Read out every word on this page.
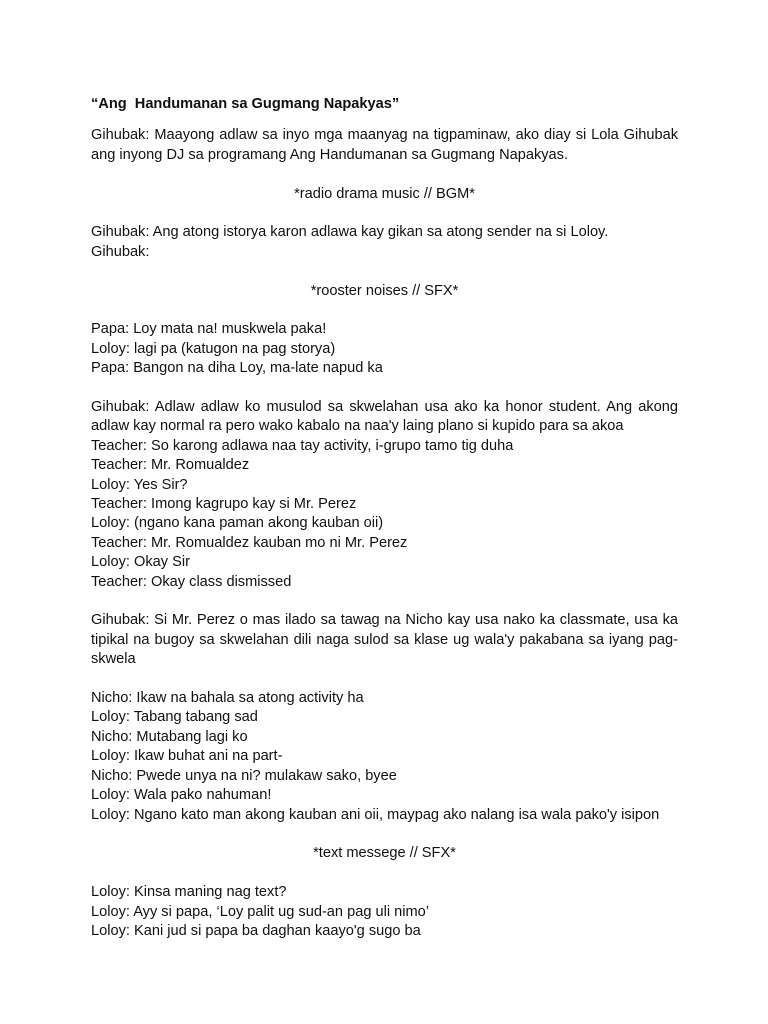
“Ang  Handumanan sa Gugmang Napakyas”
Gihubak: Maayong adlaw sa inyo mga maanyag na tigpaminaw, ako diay si Lola Gihubak ang inyong DJ sa programang Ang Handumanan sa Gugmang Napakyas.
*radio drama music // BGM*
Gihubak: Ang atong istorya karon adlawa kay gikan sa atong sender na si Loloy.
Gihubak:
*rooster noises // SFX*
Papa: Loy mata na! muskwela paka!
Loloy: lagi pa (katugon na pag storya)
Papa: Bangon na diha Loy, ma-late napud ka
Gihubak: Adlaw adlaw ko musulod sa skwelahan usa ako ka honor student. Ang akong adlaw kay normal ra pero wako kabalo na naa'y laing plano si kupido para sa akoa
Teacher: So karong adlawa naa tay activity, i-grupo tamo tig duha
Teacher: Mr. Romualdez
Loloy: Yes Sir?
Teacher: Imong kagrupo kay si Mr. Perez
Loloy: (ngano kana paman akong kauban oii)
Teacher: Mr. Romualdez kauban mo ni Mr. Perez
Loloy: Okay Sir
Teacher: Okay class dismissed
Gihubak: Si Mr. Perez o mas ilado sa tawag na Nicho kay usa nako ka classmate, usa ka tipikal na bugoy sa skwelahan dili naga sulod sa klase ug wala'y pakabana sa iyang pag-skwela
Nicho: Ikaw na bahala sa atong activity ha
Loloy: Tabang tabang sad
Nicho: Mutabang lagi ko
Loloy: Ikaw buhat ani na part-
Nicho: Pwede unya na ni? mulakaw sako, byee
Loloy: Wala pako nahuman!
Loloy: Ngano kato man akong kauban ani oii, maypag ako nalang isa wala pako'y isipon
*text messege // SFX*
Loloy: Kinsa maning nag text?
Loloy: Ayy si papa, ‘Loy palit ug sud-an pag uli nimo’
Loloy: Kani jud si papa ba daghan kaayo'g sugo ba
